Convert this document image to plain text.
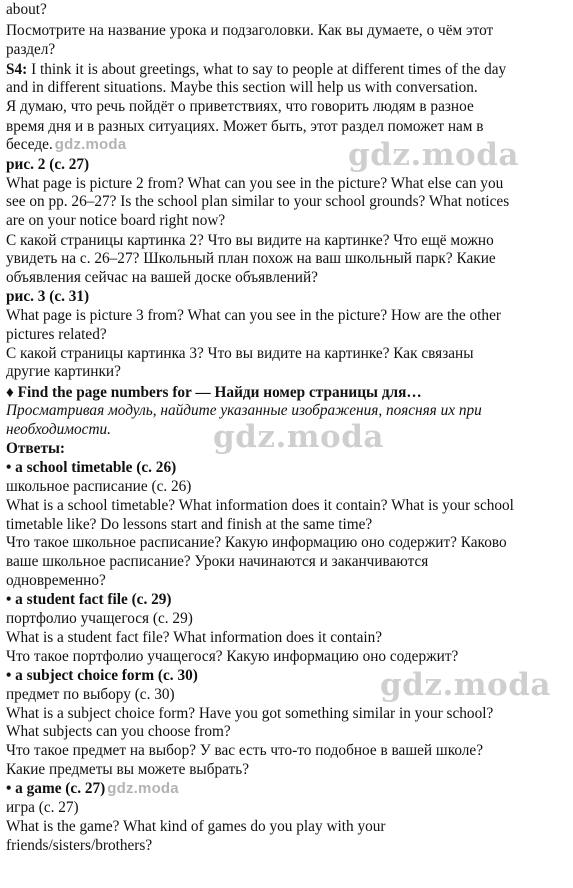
about?
Посмотрите на название урока и подзаголовки. Как вы думаете, о чём этот
раздел?
S4: I think it is about greetings, what to say to people at different times of the day
and in different situations. Maybe this section will help us with conversation.
Я думаю, что речь пойдёт о приветствиях, что говорить людям в разное
время дня и в разных ситуациях. Может быть, этот раздел поможет нам в
беседе. gdz.moda
рис. 2 (с. 27)
What page is picture 2 from? What can you see in the picture? What else can you
see on pp. 26–27? Is the school plan similar to your school grounds? What notices
are on your notice board right now?
С какой страницы картинка 2? Что вы видите на картинке? Что ещё можно
увидеть на с. 26–27? Школьный план похож на ваш школьный парк? Какие
объявления сейчас на вашей доске объявлений?
рис. 3 (с. 31)
What page is picture 3 from? What can you see in the picture? How are the other
pictures related?
С какой страницы картинка 3? Что вы видите на картинке? Как связаны
другие картинки?
♦ Find the page numbers for — Найди номер страницы для…
Просматривая модуль, найдите указанные изображения, поясняя их при
необходимости.
Ответы:
• a school timetable (с. 26)
школьное расписание (с. 26)
What is a school timetable? What information does it contain? What is your school
timetable like? Do lessons start and finish at the same time?
Что такое школьное расписание? Какую информацию оно содержит? Каково
ваше школьное расписание? Уроки начинаются и заканчиваются
одновременно?
• a student fact file (с. 29)
портфолио учащегося (с. 29)
What is a student fact file? What information does it contain?
Что такое портфолио учащегося? Какую информацию оно содержит?
• a subject choice form (с. 30)
предмет по выбору (с. 30)
What is a subject choice form? Have you got something similar in your school?
What subjects can you choose from?
Что такое предмет на выбор? У вас есть что-то подобное в вашей школе?
Какие предметы вы можете выбрать?
• a game (с. 27) gdz.moda
игра (с. 27)
What is the game? What kind of games do you play with your
friends/sisters/brothers?
gdz.moda
gdz.moda
gdz.moda
